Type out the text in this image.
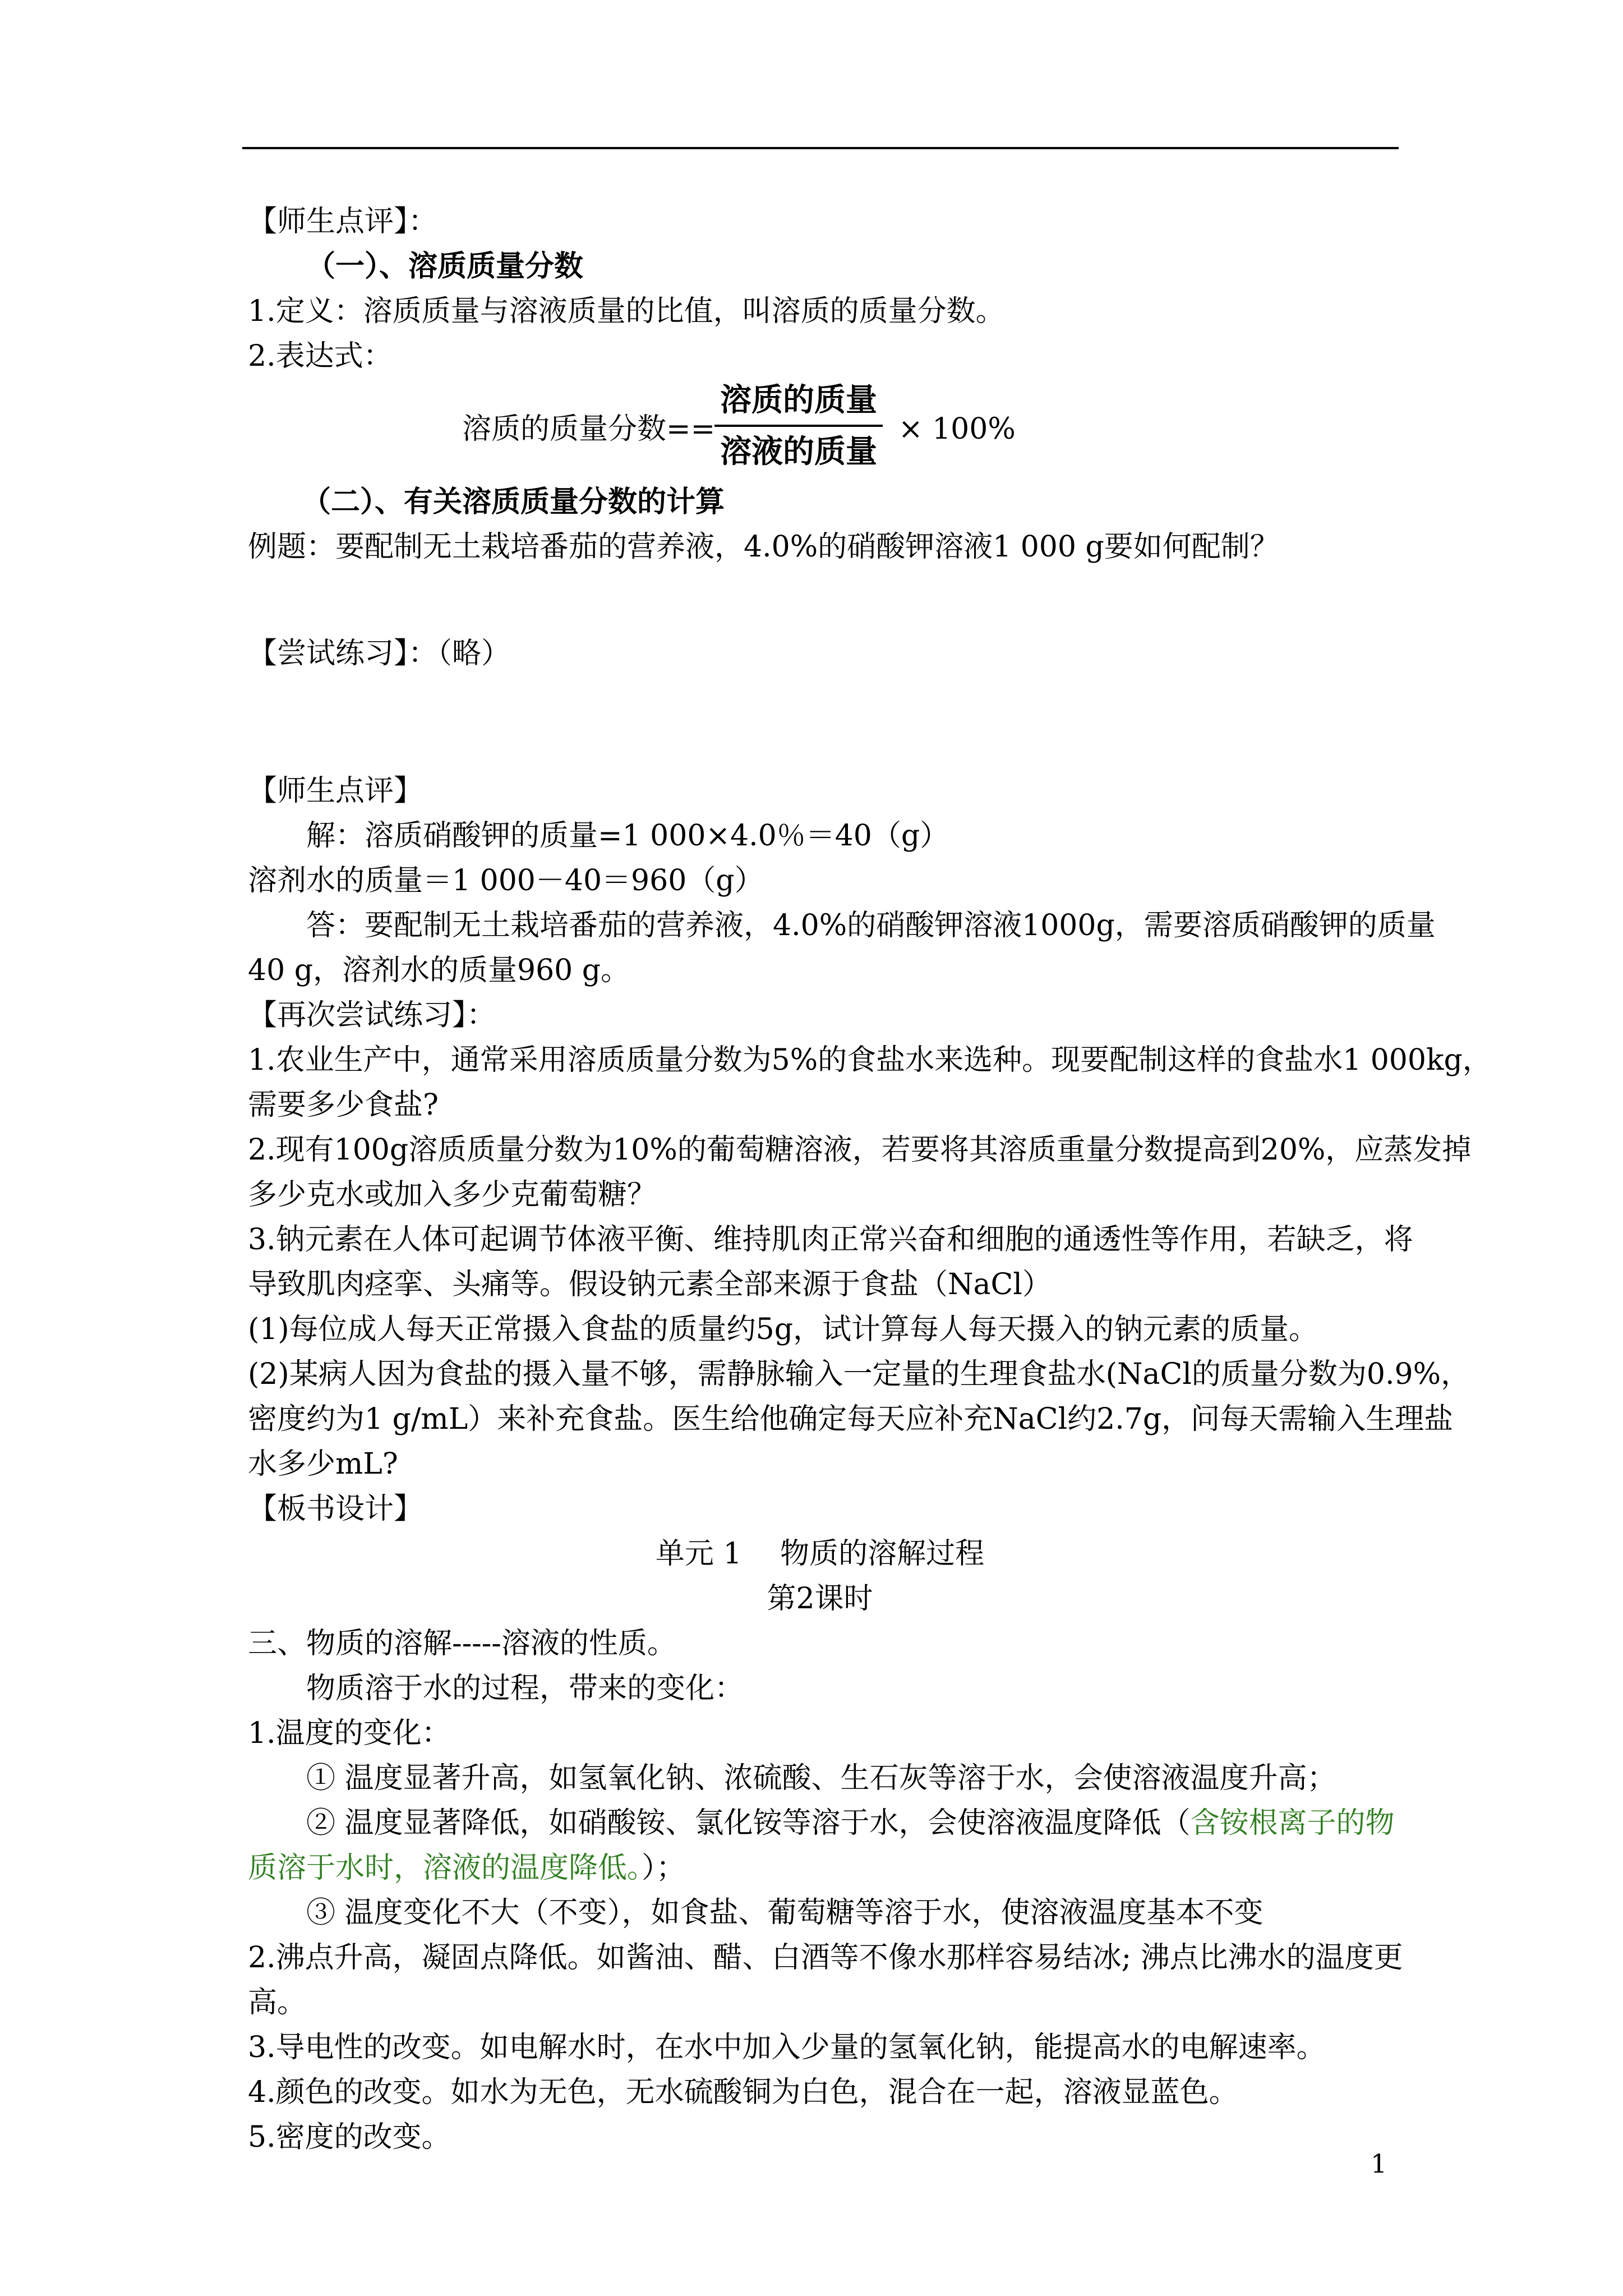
【师生点评】：
（一）、溶质质量分数
1.定义：溶质质量与溶液质量的比值，叫溶质的质量分数。
2.表达式：
溶质的质量分数==
溶质的质量
溶液的质量
× 100%
（二）、有关溶质质量分数的计算
例题：要配制无土栽培番茄的营养液，4.0%的硝酸钾溶液1 000 g要如何配制？
【尝试练习】：（略）
【师生点评】
解：溶质硝酸钾的质量=1 000×4.0％＝40（g）
溶剂水的质量＝1 000－40＝960（g）
答：要配制无土栽培番茄的营养液，4.0%的硝酸钾溶液1000g，需要溶质硝酸钾的质量
40 g，溶剂水的质量960 g。
【再次尝试练习】：
1.农业生产中，通常采用溶质质量分数为5%的食盐水来选种。现要配制这样的食盐水1 000kg，
需要多少食盐?
2.现有100g溶质质量分数为10%的葡萄糖溶液，若要将其溶质重量分数提高到20%，应蒸发掉
多少克水或加入多少克葡萄糖？
3.钠元素在人体可起调节体液平衡、维持肌肉正常兴奋和细胞的通透性等作用，若缺乏，将
导致肌肉痉挛、头痛等。假设钠元素全部来源于食盐（NaCl）
(1)每位成人每天正常摄入食盐的质量约5g，试计算每人每天摄入的钠元素的质量。
(2)某病人因为食盐的摄入量不够，需静脉输入一定量的生理食盐水(NaCl的质量分数为0.9%，
密度约为1 g/mL）来补充食盐。医生给他确定每天应补充NaCl约2.7g，问每天需输入生理盐
水多少mL?
【板书设计】
单元 1　 物质的溶解过程
第2课时
三、物质的溶解-----溶液的性质。
物质溶于水的过程，带来的变化：
1.温度的变化：
① 温度显著升高，如氢氧化钠、浓硫酸、生石灰等溶于水，会使溶液温度升高；
② 温度显著降低，如硝酸铵、氯化铵等溶于水，会使溶液温度降低（含铵根离子的物
质溶于水时，溶液的温度降低。）；
③ 温度变化不大（不变），如食盐、葡萄糖等溶于水，使溶液温度基本不变
2.沸点升高，凝固点降低。如酱油、醋、白酒等不像水那样容易结冰; 沸点比沸水的温度更
高。
3.导电性的改变。如电解水时，在水中加入少量的氢氧化钠，能提高水的电解速率。
4.颜色的改变。如水为无色，无水硫酸铜为白色，混合在一起，溶液显蓝色。
5.密度的改变。
1
